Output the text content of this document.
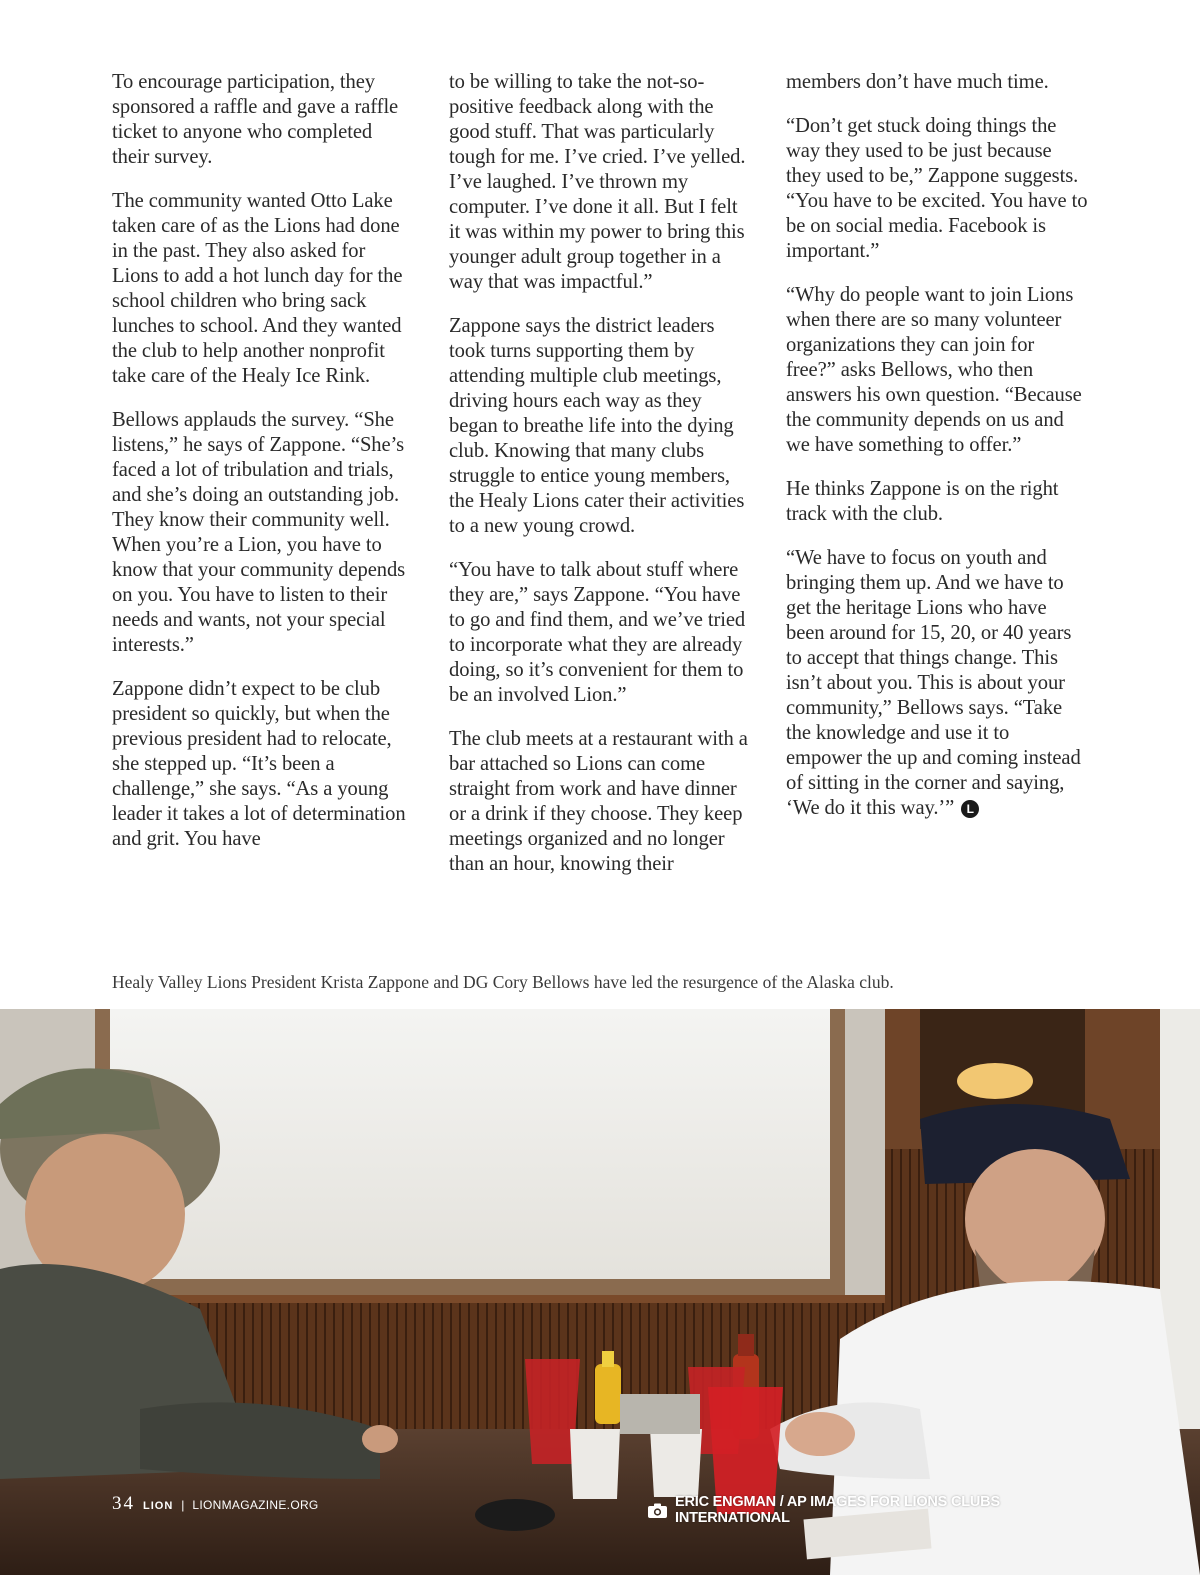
To encourage participation, they sponsored a raffle and gave a raffle ticket to anyone who completed their survey.

The community wanted Otto Lake taken care of as the Lions had done in the past. They also asked for Lions to add a hot lunch day for the school children who bring sack lunches to school. And they wanted the club to help another nonprofit take care of the Healy Ice Rink.

Bellows applauds the survey. “She listens,” he says of Zappone. “She’s faced a lot of tribulation and trials, and she’s doing an outstanding job. They know their community well. When you’re a Lion, you have to know that your community depends on you. You have to listen to their needs and wants, not your special interests.”

Zappone didn’t expect to be club president so quickly, but when the previous president had to relocate, she stepped up. “It’s been a challenge,” she says. “As a young leader it takes a lot of determination and grit. You have

to be willing to take the not-so-positive feedback along with the good stuff. That was particularly tough for me. I’ve cried. I’ve yelled. I’ve laughed. I’ve thrown my computer. I’ve done it all. But I felt it was within my power to bring this younger adult group together in a way that was impactful.”

Zappone says the district leaders took turns supporting them by attending multiple club meetings, driving hours each way as they began to breathe life into the dying club. Knowing that many clubs struggle to entice young members, the Healy Lions cater their activities to a new young crowd.

“You have to talk about stuff where they are,” says Zappone. “You have to go and find them, and we’ve tried to incorporate what they are already doing, so it’s convenient for them to be an involved Lion.”

The club meets at a restaurant with a bar attached so Lions can come straight from work and have dinner or a drink if they choose. They keep meetings organized and no longer than an hour, knowing their

members don’t have much time.

“Don’t get stuck doing things the way they used to be just because they used to be,” Zappone suggests. “You have to be excited. You have to be on social media. Facebook is important.”

“Why do people want to join Lions when there are so many volunteer organizations they can join for free?” asks Bellows, who then answers his own question. “Because the community depends on us and we have something to offer.”

He thinks Zappone is on the right track with the club.

“We have to focus on youth and bringing them up. And we have to get the heritage Lions who have been around for 15, 20, or 40 years to accept that things change. This isn’t about you. This is about your community,” Bellows says. “Take the knowledge and use it to empower the up and coming instead of sitting in the corner and saying, ‘We do it this way.’” L

Healy Valley Lions President Krista Zappone and DG Cory Bellows have led the resurgence of the Alaska club.
34 LION | LIONMAGAZINE.ORG	ERIC ENGMAN / AP IMAGES FOR LIONS CLUBS INTERNATIONAL
